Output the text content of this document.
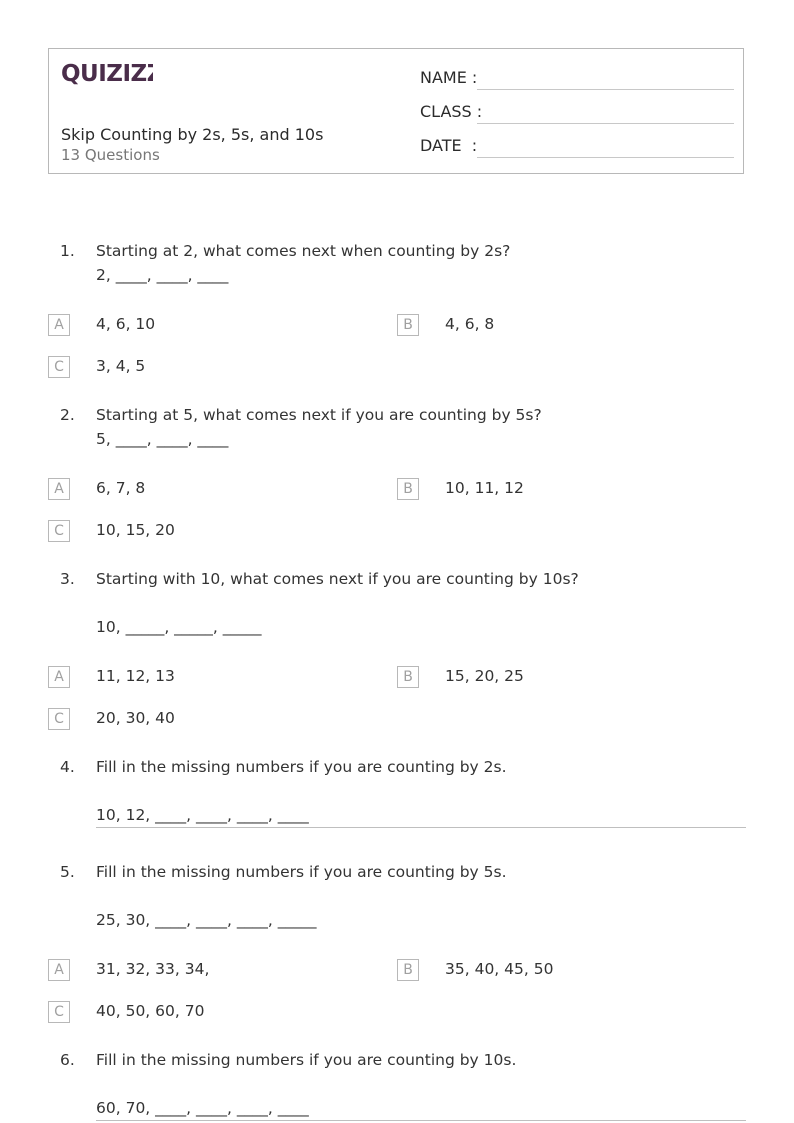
QUIZIZZ
Skip Counting by 2s, 5s, and 10s
13 Questions
NAME :
CLASS :
DATE  :
1. Starting at 2, what comes next when counting by 2s?
2, ____, ____, ____
A	4, 6, 10	B	4, 6, 8
C	3, 4, 5
2. Starting at 5, what comes next if you are counting by 5s?
5, ____, ____, ____
A	6, 7, 8	B	10, 11, 12
C	10, 15, 20
3. Starting with 10, what comes next if you are counting by 10s?
10, _____, _____, _____
A	11, 12, 13	B	15, 20, 25
C	20, 30, 40
4. Fill in the missing numbers if you are counting by 2s.
10, 12, ____, ____, ____, ____
5. Fill in the missing numbers if you are counting by 5s.
25, 30, ____, ____, ____, _____
A	31, 32, 33, 34,	B	35, 40, 45, 50
C	40, 50, 60, 70
6. Fill in the missing numbers if you are counting by 10s.
60, 70, ____, ____, ____, ____
